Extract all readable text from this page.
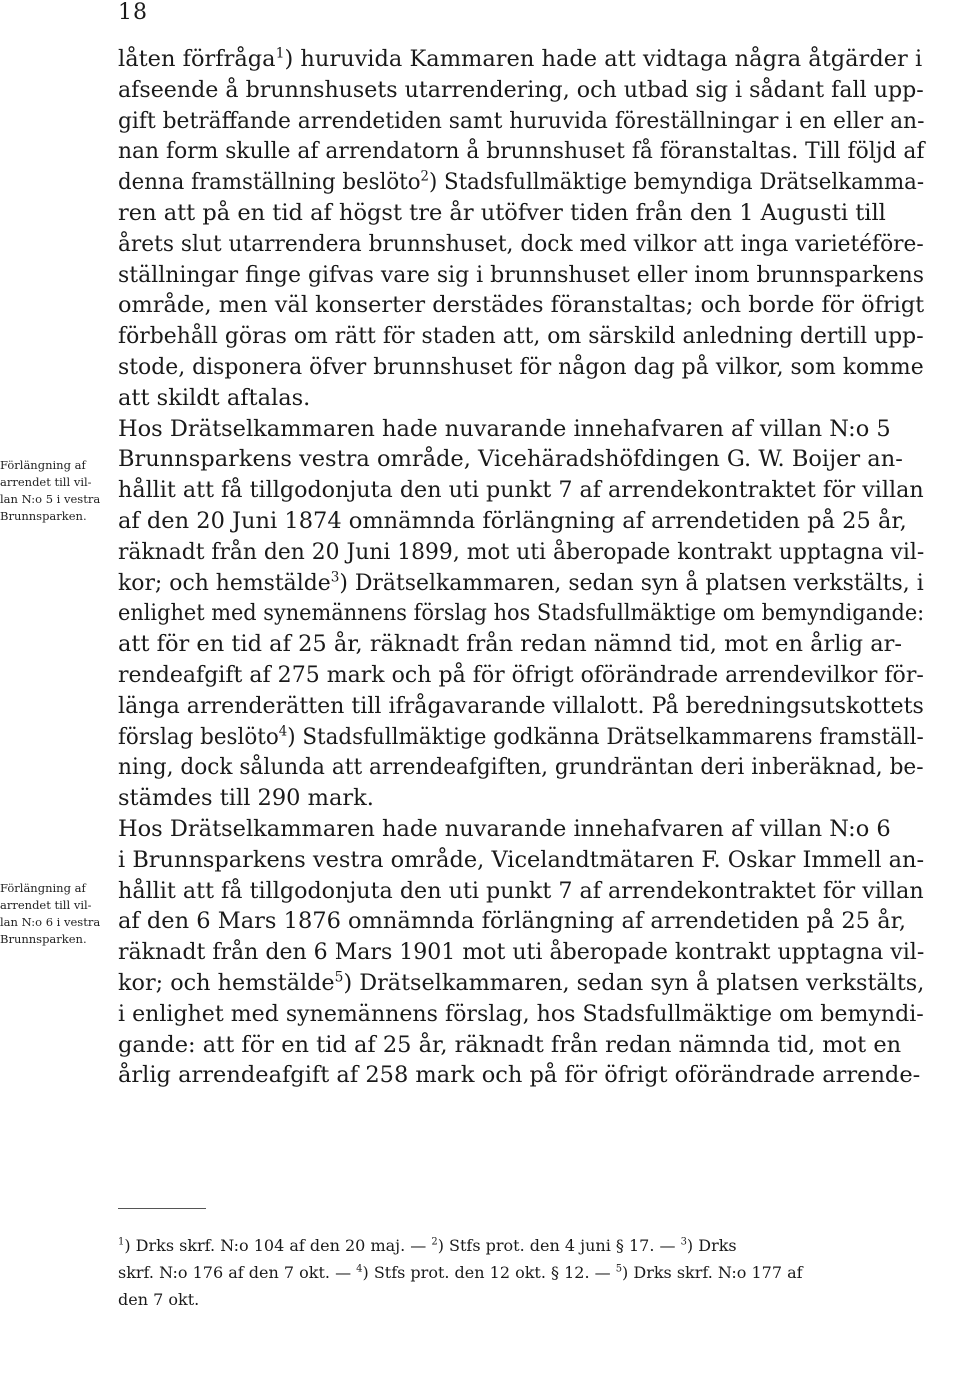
18
låten förfråga$^1$) huruvida Kammaren hade att vidtaga några åtgärder i
afseende å brunnshusets utarrendering, och utbad sig i sådant fall upp-
gift beträffande arrendetiden samt huruvida föreställningar i en eller an-
nan form skulle af arrendatorn å brunnshuset få föranstaltas. Till följd af
denna framställning beslöto$^2$) Stadsfullmäktige bemyndiga Drätselkamma-
ren att på en tid af högst tre år utöfver tiden från den 1 Augusti till
årets slut utarrendera brunnshuset, dock med vilkor att inga varietéföre-
ställningar finge gifvas vare sig i brunnshuset eller inom brunnsparkens
område, men väl konserter derstädes föranstaltas; och borde för öfrigt
förbehåll göras om rätt för staden att, om särskild anledning dertill upp-
stode, disponera öfver brunnshuset för någon dag på vilkor, som komme
att skildt aftalas.
Hos Drätselkammaren hade nuvarande innehafvaren af villan N:o 5
Brunnsparkens vestra område, Vicehäradshöfdingen G. W. Boijer an-
hållit att få tillgodonjuta den uti punkt 7 af arrendekontraktet för villan
af den 20 Juni 1874 omnämnda förlängning af arrendetiden på 25 år,
räknadt från den 20 Juni 1899, mot uti åberopade kontrakt upptagna vil-
kor; och hemstälde$^3$) Drätselkammaren, sedan syn å platsen verkstälts, i
enlighet med synemännens förslag hos Stadsfullmäktige om bemyndigande:
att för en tid af 25 år, räknadt från redan nämnd tid, mot en årlig ar-
rendeafgift af 275 mark och på för öfrigt oförändrade arrendevilkor för-
länga arrenderätten till ifrågavarande villalott. På beredningsutskottets
förslag beslöto$^4$) Stadsfullmäktige godkänna Drätselkammarens framställ-
ning, dock sålunda att arrendeafgiften, grundräntan deri inberäknad, be-
stämdes till 290 mark.
Hos Drätselkammaren hade nuvarande innehafvaren af villan N:o 6
i Brunnsparkens vestra område, Vicelandtmätaren F. Oskar Immell an-
hållit att få tillgodonjuta den uti punkt 7 af arrendekontraktet för villan
af den 6 Mars 1876 omnämnda förlängning af arrendetiden på 25 år,
räknadt från den 6 Mars 1901 mot uti åberopade kontrakt upptagna vil-
kor; och hemstälde$^5$) Drätselkammaren, sedan syn å platsen verkstälts,
i enlighet med synemännens förslag, hos Stadsfullmäktige om bemyndi-
gande: att för en tid af 25 år, räknadt från redan nämnda tid, mot en
årlig arrendeafgift af 258 mark och på för öfrigt oförändrade arrende-
Förlängning af
arrendet till vil-
lan N:o 5 i vestra
Brunnsparken.
Förlängning af
arrendet till vil-
lan N:o 6 i vestra
Brunnsparken.
$^1$) Drks skrf. N:o 104 af den 20 maj. — $^2$) Stfs prot. den 4 juni § 17. — $^3$) Drks
skrf. N:o 176 af den 7 okt. — $^4$) Stfs prot. den 12 okt. § 12. — $^5$) Drks skrf. N:o 177 af
den 7 okt.
